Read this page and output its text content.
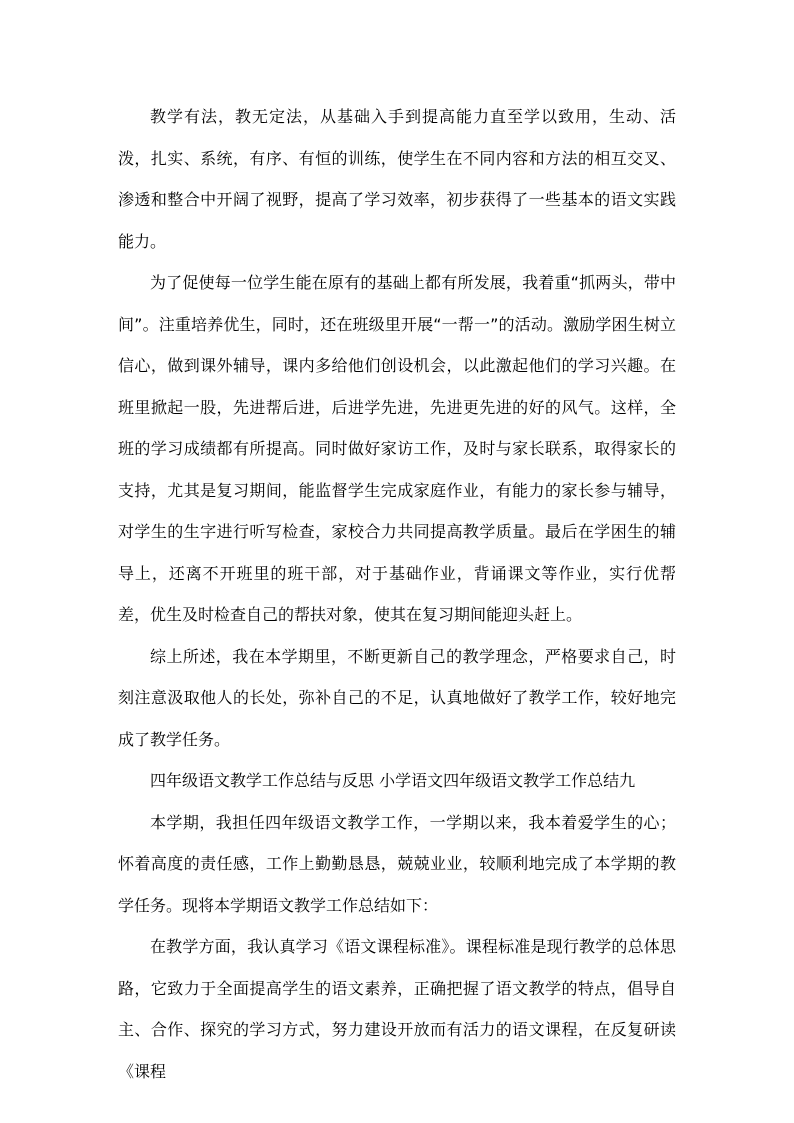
教学有法，教无定法，从基础入手到提高能力直至学以致用，生动、活泼，扎实、系统，有序、有恒的训练，使学生在不同内容和方法的相互交叉、渗透和整合中开阔了视野，提高了学习效率，初步获得了一些基本的语文实践能力。

为了促使每一位学生能在原有的基础上都有所发展，我着重“抓两头，带中间”。注重培养优生，同时，还在班级里开展“一帮一”的活动。激励学困生树立信心，做到课外辅导，课内多给他们创设机会，以此激起他们的学习兴趣。在班里掀起一股，先进帮后进，后进学先进，先进更先进的好的风气。这样，全班的学习成绩都有所提高。同时做好家访工作，及时与家长联系，取得家长的支持，尤其是复习期间，能监督学生完成家庭作业，有能力的家长参与辅导，对学生的生字进行听写检查，家校合力共同提高教学质量。最后在学困生的辅导上，还离不开班里的班干部，对于基础作业，背诵课文等作业，实行优帮差，优生及时检查自己的帮扶对象，使其在复习期间能迎头赶上。

综上所述，我在本学期里，不断更新自己的教学理念，严格要求自己，时刻注意汲取他人的长处，弥补自己的不足，认真地做好了教学工作，较好地完成了教学任务。

四年级语文教学工作总结与反思 小学语文四年级语文教学工作总结九

本学期，我担任四年级语文教学工作，一学期以来，我本着爱学生的心；怀着高度的责任感，工作上勤勤恳恳，兢兢业业，较顺利地完成了本学期的教学任务。现将本学期语文教学工作总结如下：

在教学方面，我认真学习《语文课程标准》。课程标准是现行教学的总体思路，它致力于全面提高学生的语文素养，正确把握了语文教学的特点，倡导自主、合作、探究的学习方式，努力建设开放而有活力的语文课程，在反复研读《课程
